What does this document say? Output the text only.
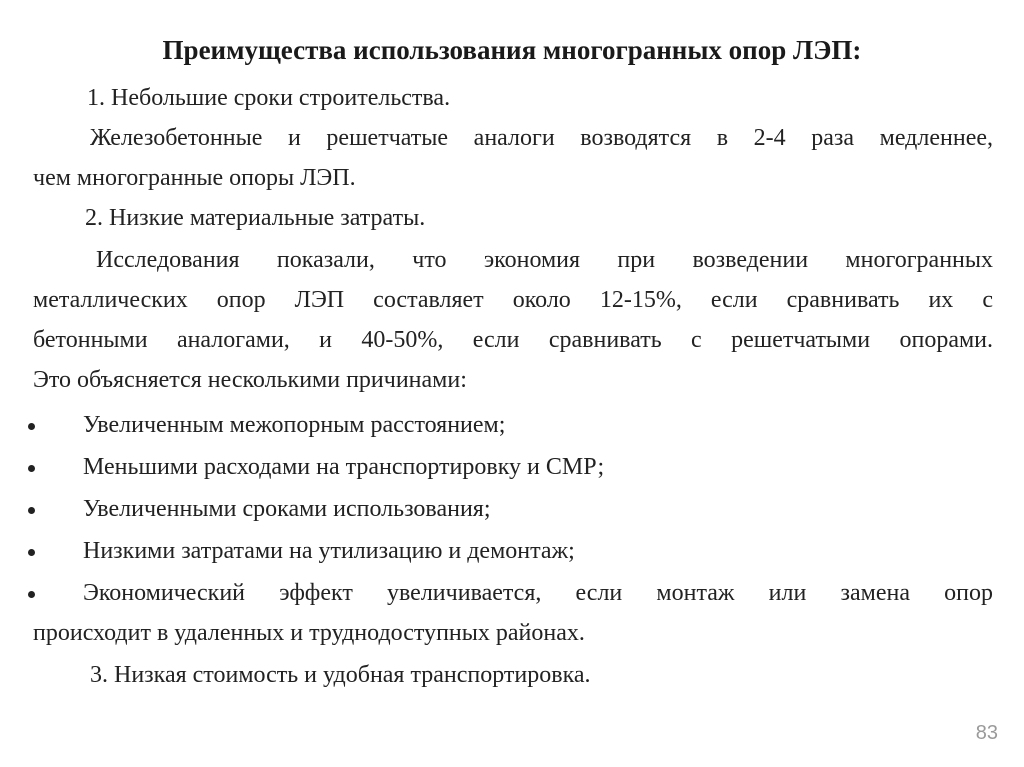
Преимущества использования многогранных опор ЛЭП:
1. Небольшие сроки строительства.
Железобетонные и решетчатые аналоги возводятся в 2-4 раза медленнее,
чем многогранные опоры ЛЭП.
2. Низкие материальные затраты.
Исследования показали, что экономия при возведении многогранных
металлических опор ЛЭП составляет около 12-15%, если сравнивать их с
бетонными аналогами, и 40-50%, если сравнивать с решетчатыми опорами.
Это объясняется несколькими причинами:
Увеличенным межопорным расстоянием;
Меньшими расходами на транспортировку и СМР;
Увеличенными сроками использования;
Низкими затратами на утилизацию и демонтаж;
Экономический эффект увеличивается, если монтаж или замена опор
происходит в удаленных и труднодоступных районах.
3. Низкая стоимость и удобная транспортировка.
83
